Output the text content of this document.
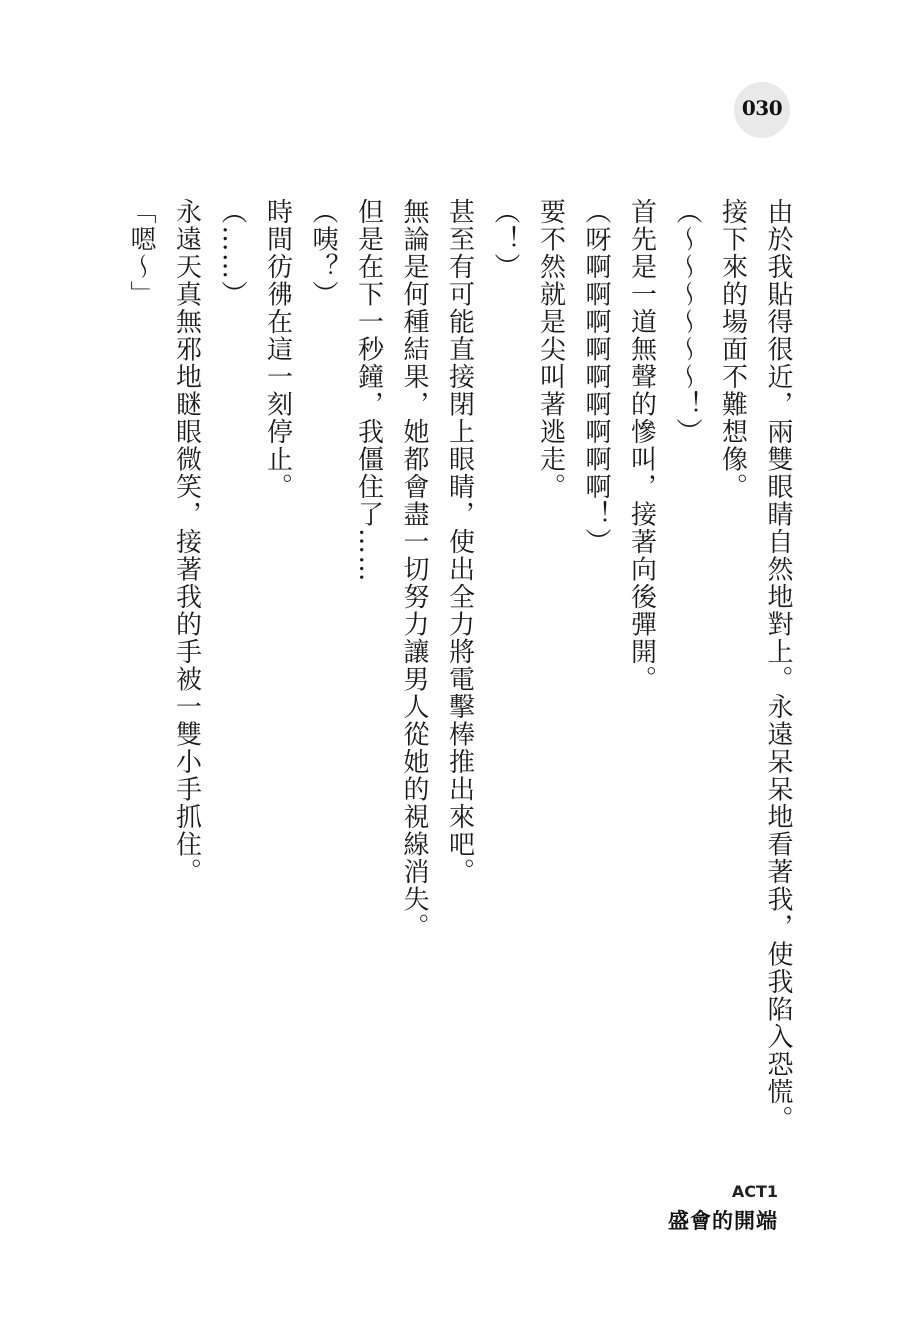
030

由於我貼得很近，兩雙眼睛自然地對上。永遠呆呆地看著我，使我陷入恐慌。

接下來的場面不難想像。

（～～～～～～！）

首先是一道無聲的慘叫，接著向後彈開。

（呀啊啊啊啊啊啊啊啊啊！）

要不然就是尖叫著逃走。

（！）

甚至有可能直接閉上眼睛，使出全力將電擊棒推出來吧。

無論是何種結果，她都會盡一切努力讓男人從她的視線消失。

但是在下一秒鐘，我僵住了……

（咦？）

時間彷彿在這一刻停止。

（……）

永遠天真無邪地瞇眼微笑，接著我的手被一雙小手抓住。

「嗯～」

ACT1
盛會的開端
